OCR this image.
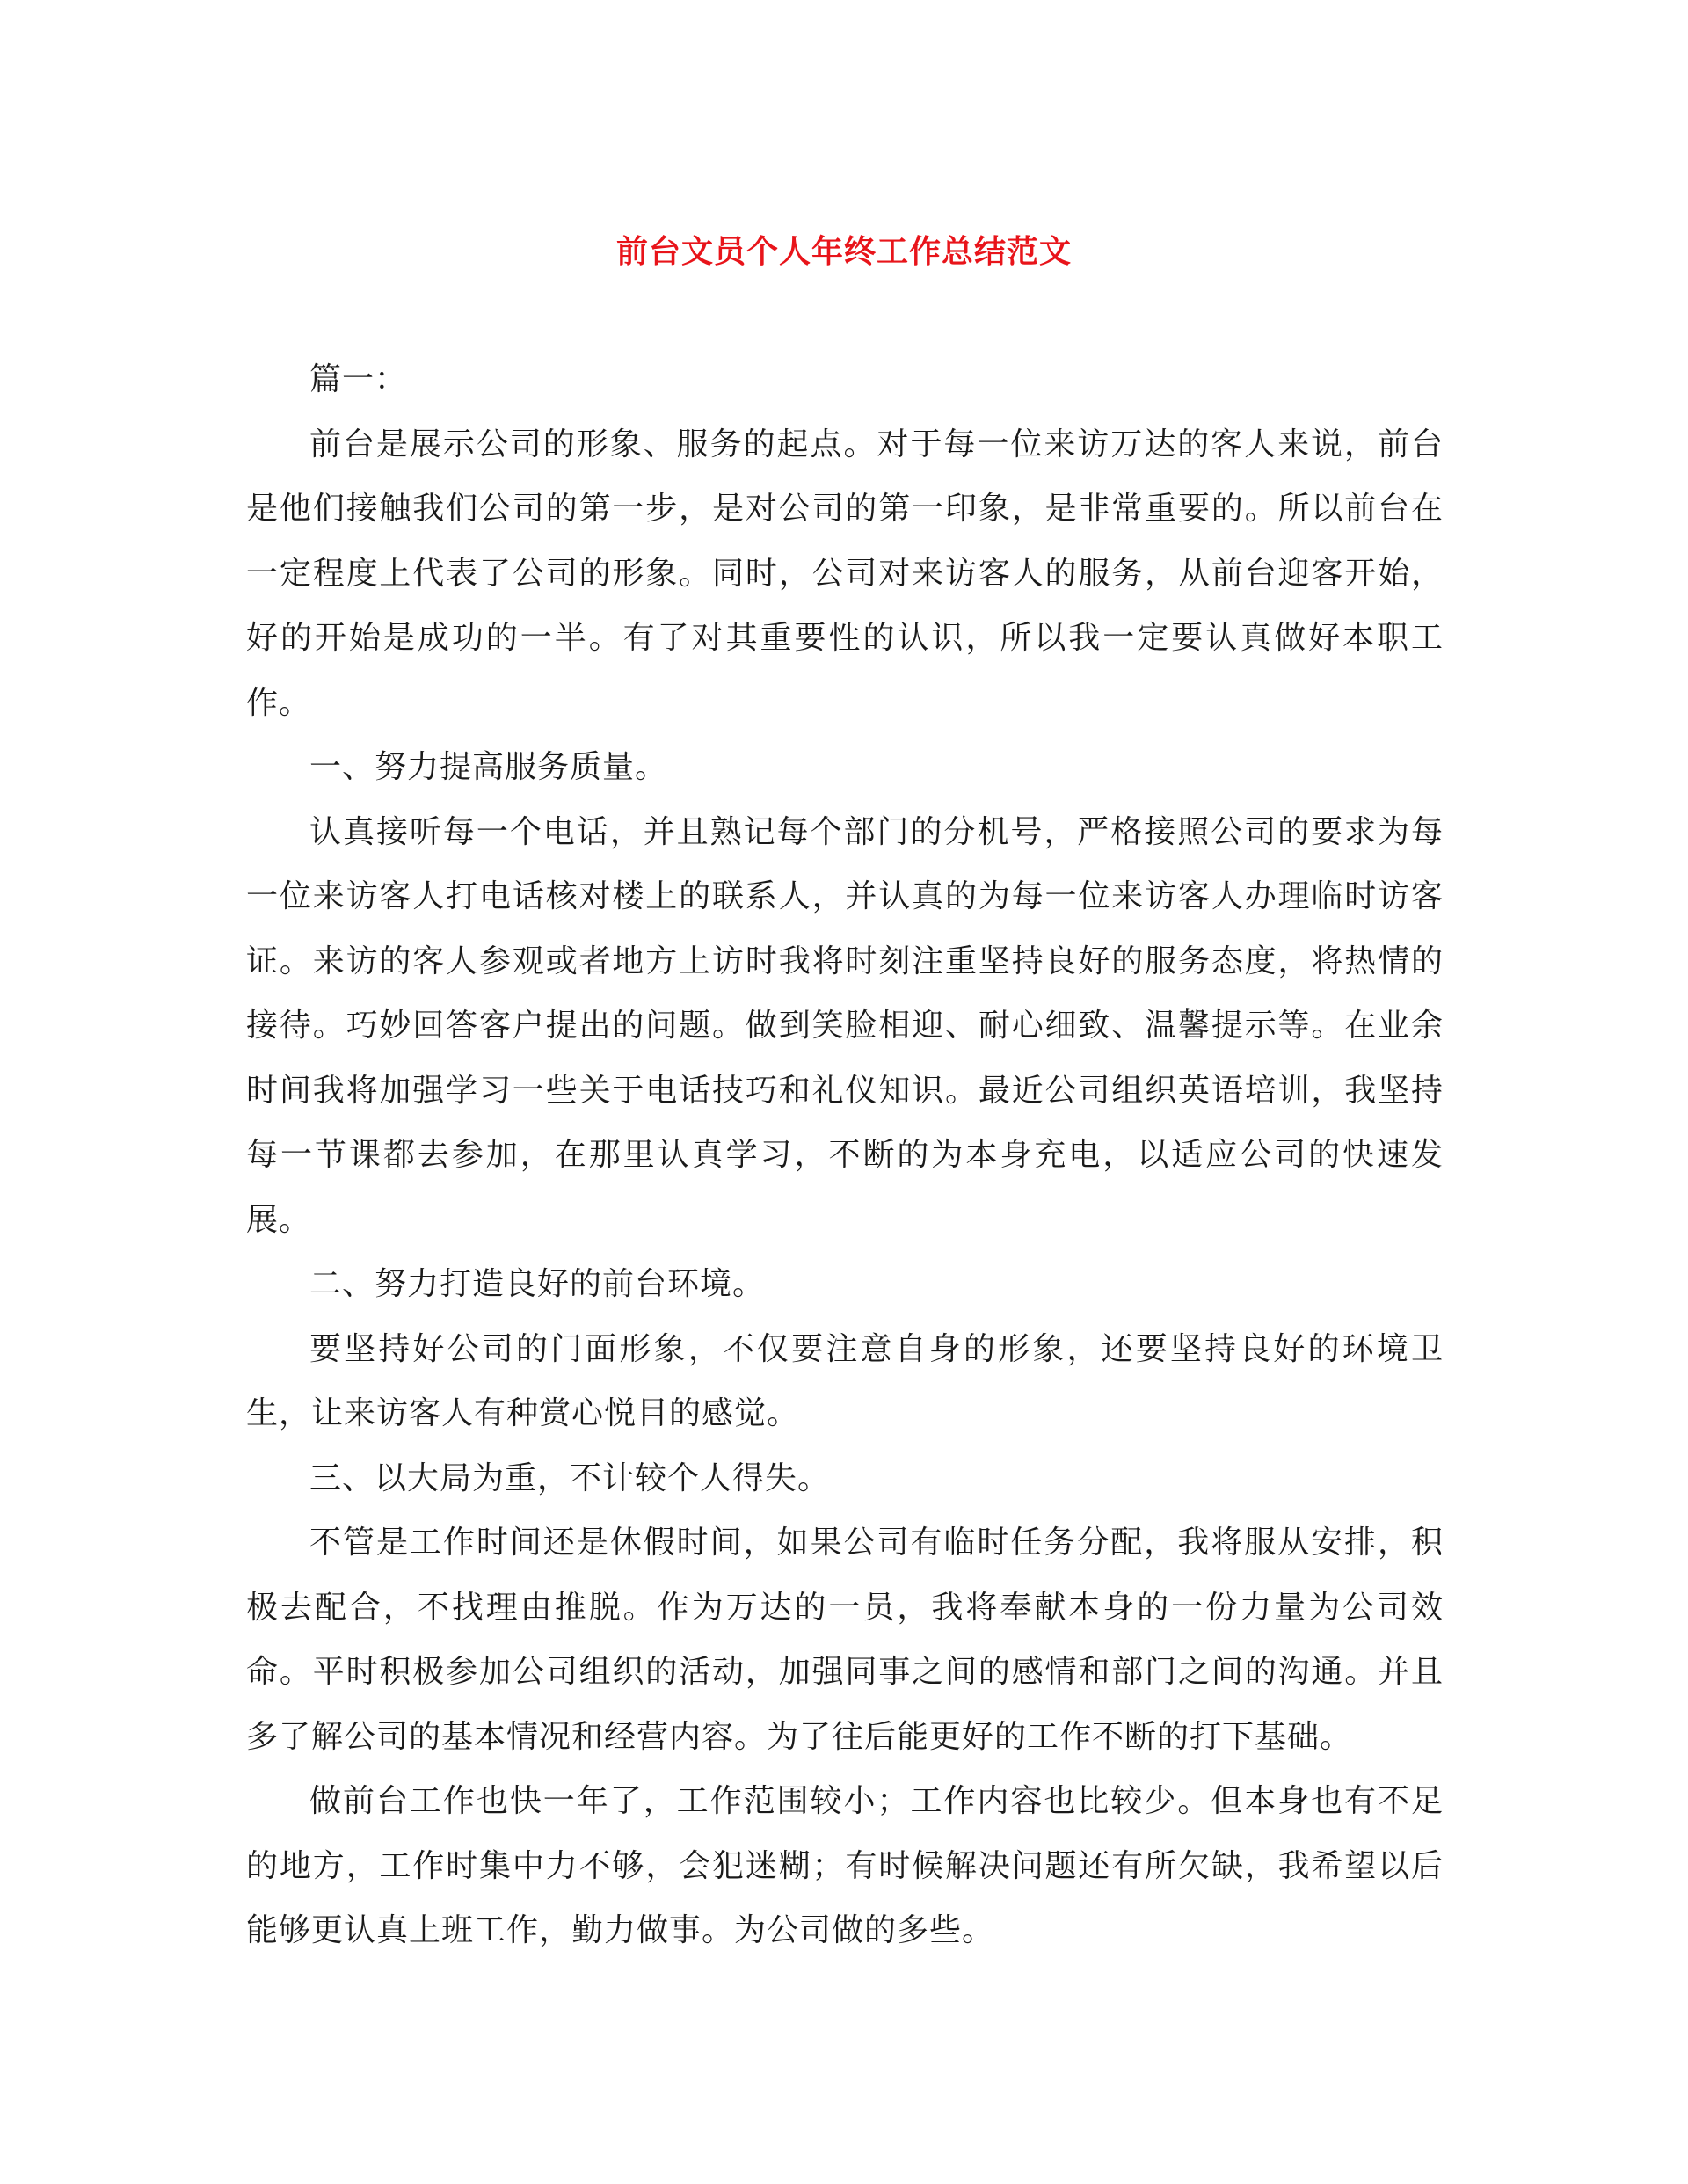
前台文员个人年终工作总结范文

篇一：

前台是展示公司的形象、服务的起点。对于每一位来访万达的客人来说，前台是他们接触我们公司的第一步，是对公司的第一印象，是非常重要的。所以前台在一定程度上代表了公司的形象。同时，公司对来访客人的服务，从前台迎客开始，好的开始是成功的一半。有了对其重要性的认识，所以我一定要认真做好本职工作。

一、努力提高服务质量。

认真接听每一个电话，并且熟记每个部门的分机号，严格接照公司的要求为每一位来访客人打电话核对楼上的联系人，并认真的为每一位来访客人办理临时访客证。来访的客人参观或者地方上访时我将时刻注重坚持良好的服务态度，将热情的接待。巧妙回答客户提出的问题。做到笑脸相迎、耐心细致、温馨提示等。在业余时间我将加强学习一些关于电话技巧和礼仪知识。最近公司组织英语培训，我坚持每一节课都去参加，在那里认真学习，不断的为本身充电，以适应公司的快速发展。

二、努力打造良好的前台环境。

要坚持好公司的门面形象，不仅要注意自身的形象，还要坚持良好的环境卫生，让来访客人有种赏心悦目的感觉。

三、以大局为重，不计较个人得失。

不管是工作时间还是休假时间，如果公司有临时任务分配，我将服从安排，积极去配合，不找理由推脱。作为万达的一员，我将奉献本身的一份力量为公司效命。平时积极参加公司组织的活动，加强同事之间的感情和部门之间的沟通。并且多了解公司的基本情况和经营内容。为了往后能更好的工作不断的打下基础。

做前台工作也快一年了，工作范围较小；工作内容也比较少。但本身也有不足的地方，工作时集中力不够，会犯迷糊；有时候解决问题还有所欠缺，我希望以后能够更认真上班工作，勤力做事。为公司做的多些。
